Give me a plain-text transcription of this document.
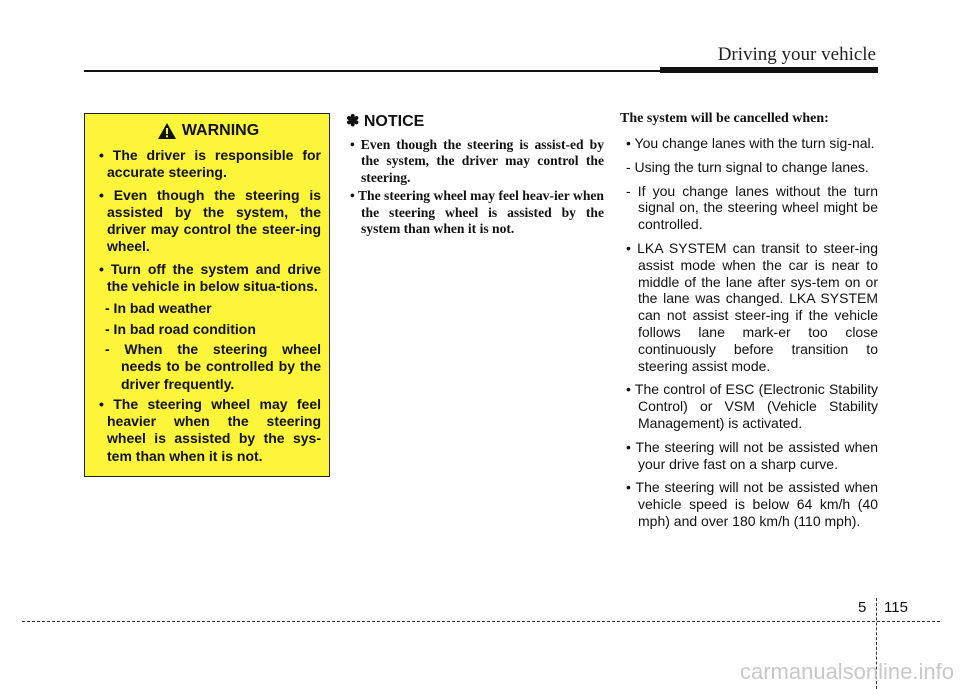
Driving your vehicle
WARNING
• The driver is responsible for accurate steering.
• Even though the steering is assisted by the system, the driver may control the steer-ing wheel.
• Turn off the system and drive the vehicle in below situa-tions.
- In bad weather
- In bad road condition
- When the steering wheel needs to be controlled by the driver frequently.
• The steering wheel may feel heavier when the steering wheel is assisted by the sys-tem than when it is not.
✽ NOTICE
• Even though the steering is assist-ed by the system, the driver may control the steering.
• The steering wheel may feel heav-ier when the steering wheel is assisted by the system than when it is not.
The system will be cancelled when:
• You change lanes with the turn sig-nal.
- Using the turn signal to change lanes.
- If you change lanes without the turn signal on, the steering wheel might be controlled.
• LKA SYSTEM can transit to steer-ing assist mode when the car is near to middle of the lane after sys-tem on or the lane was changed. LKA SYSTEM can not assist steer-ing if the vehicle follows lane mark-er too close continuously before transition to steering assist mode.
• The control of ESC (Electronic Stability Control) or VSM (Vehicle Stability Management) is activated.
• The steering will not be assisted when your drive fast on a sharp curve.
• The steering will not be assisted when vehicle speed is below 64 km/h (40 mph) and over 180 km/h (110 mph).
5 115
carmanualsonline.info
